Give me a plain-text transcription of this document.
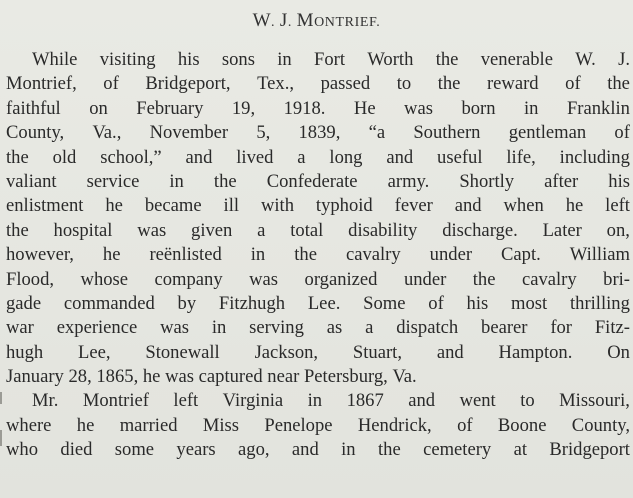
W. J. MONTRIEF.
While visiting his sons in Fort Worth the venerable W. J.
Montrief, of Bridgeport, Tex., passed to the reward of the
faithful on February 19, 1918. He was born in Franklin
County, Va., November 5, 1839, “a Southern gentleman of
the old school,” and lived a long and useful life, including
valiant service in the Confederate army. Shortly after his
enlistment he became ill with typhoid fever and when he left
the hospital was given a total disability discharge. Later on,
however, he reënlisted in the cavalry under Capt. William
Flood, whose company was organized under the cavalry bri-
gade commanded by Fitzhugh Lee. Some of his most thrilling
war experience was in serving as a dispatch bearer for Fitz-
hugh Lee, Stonewall Jackson, Stuart, and Hampton. On
January 28, 1865, he was captured near Petersburg, Va.
Mr. Montrief left Virginia in 1867 and went to Missouri,
where he married Miss Penelope Hendrick, of Boone County,
who died some years ago, and in the cemetery at Bridgeport
